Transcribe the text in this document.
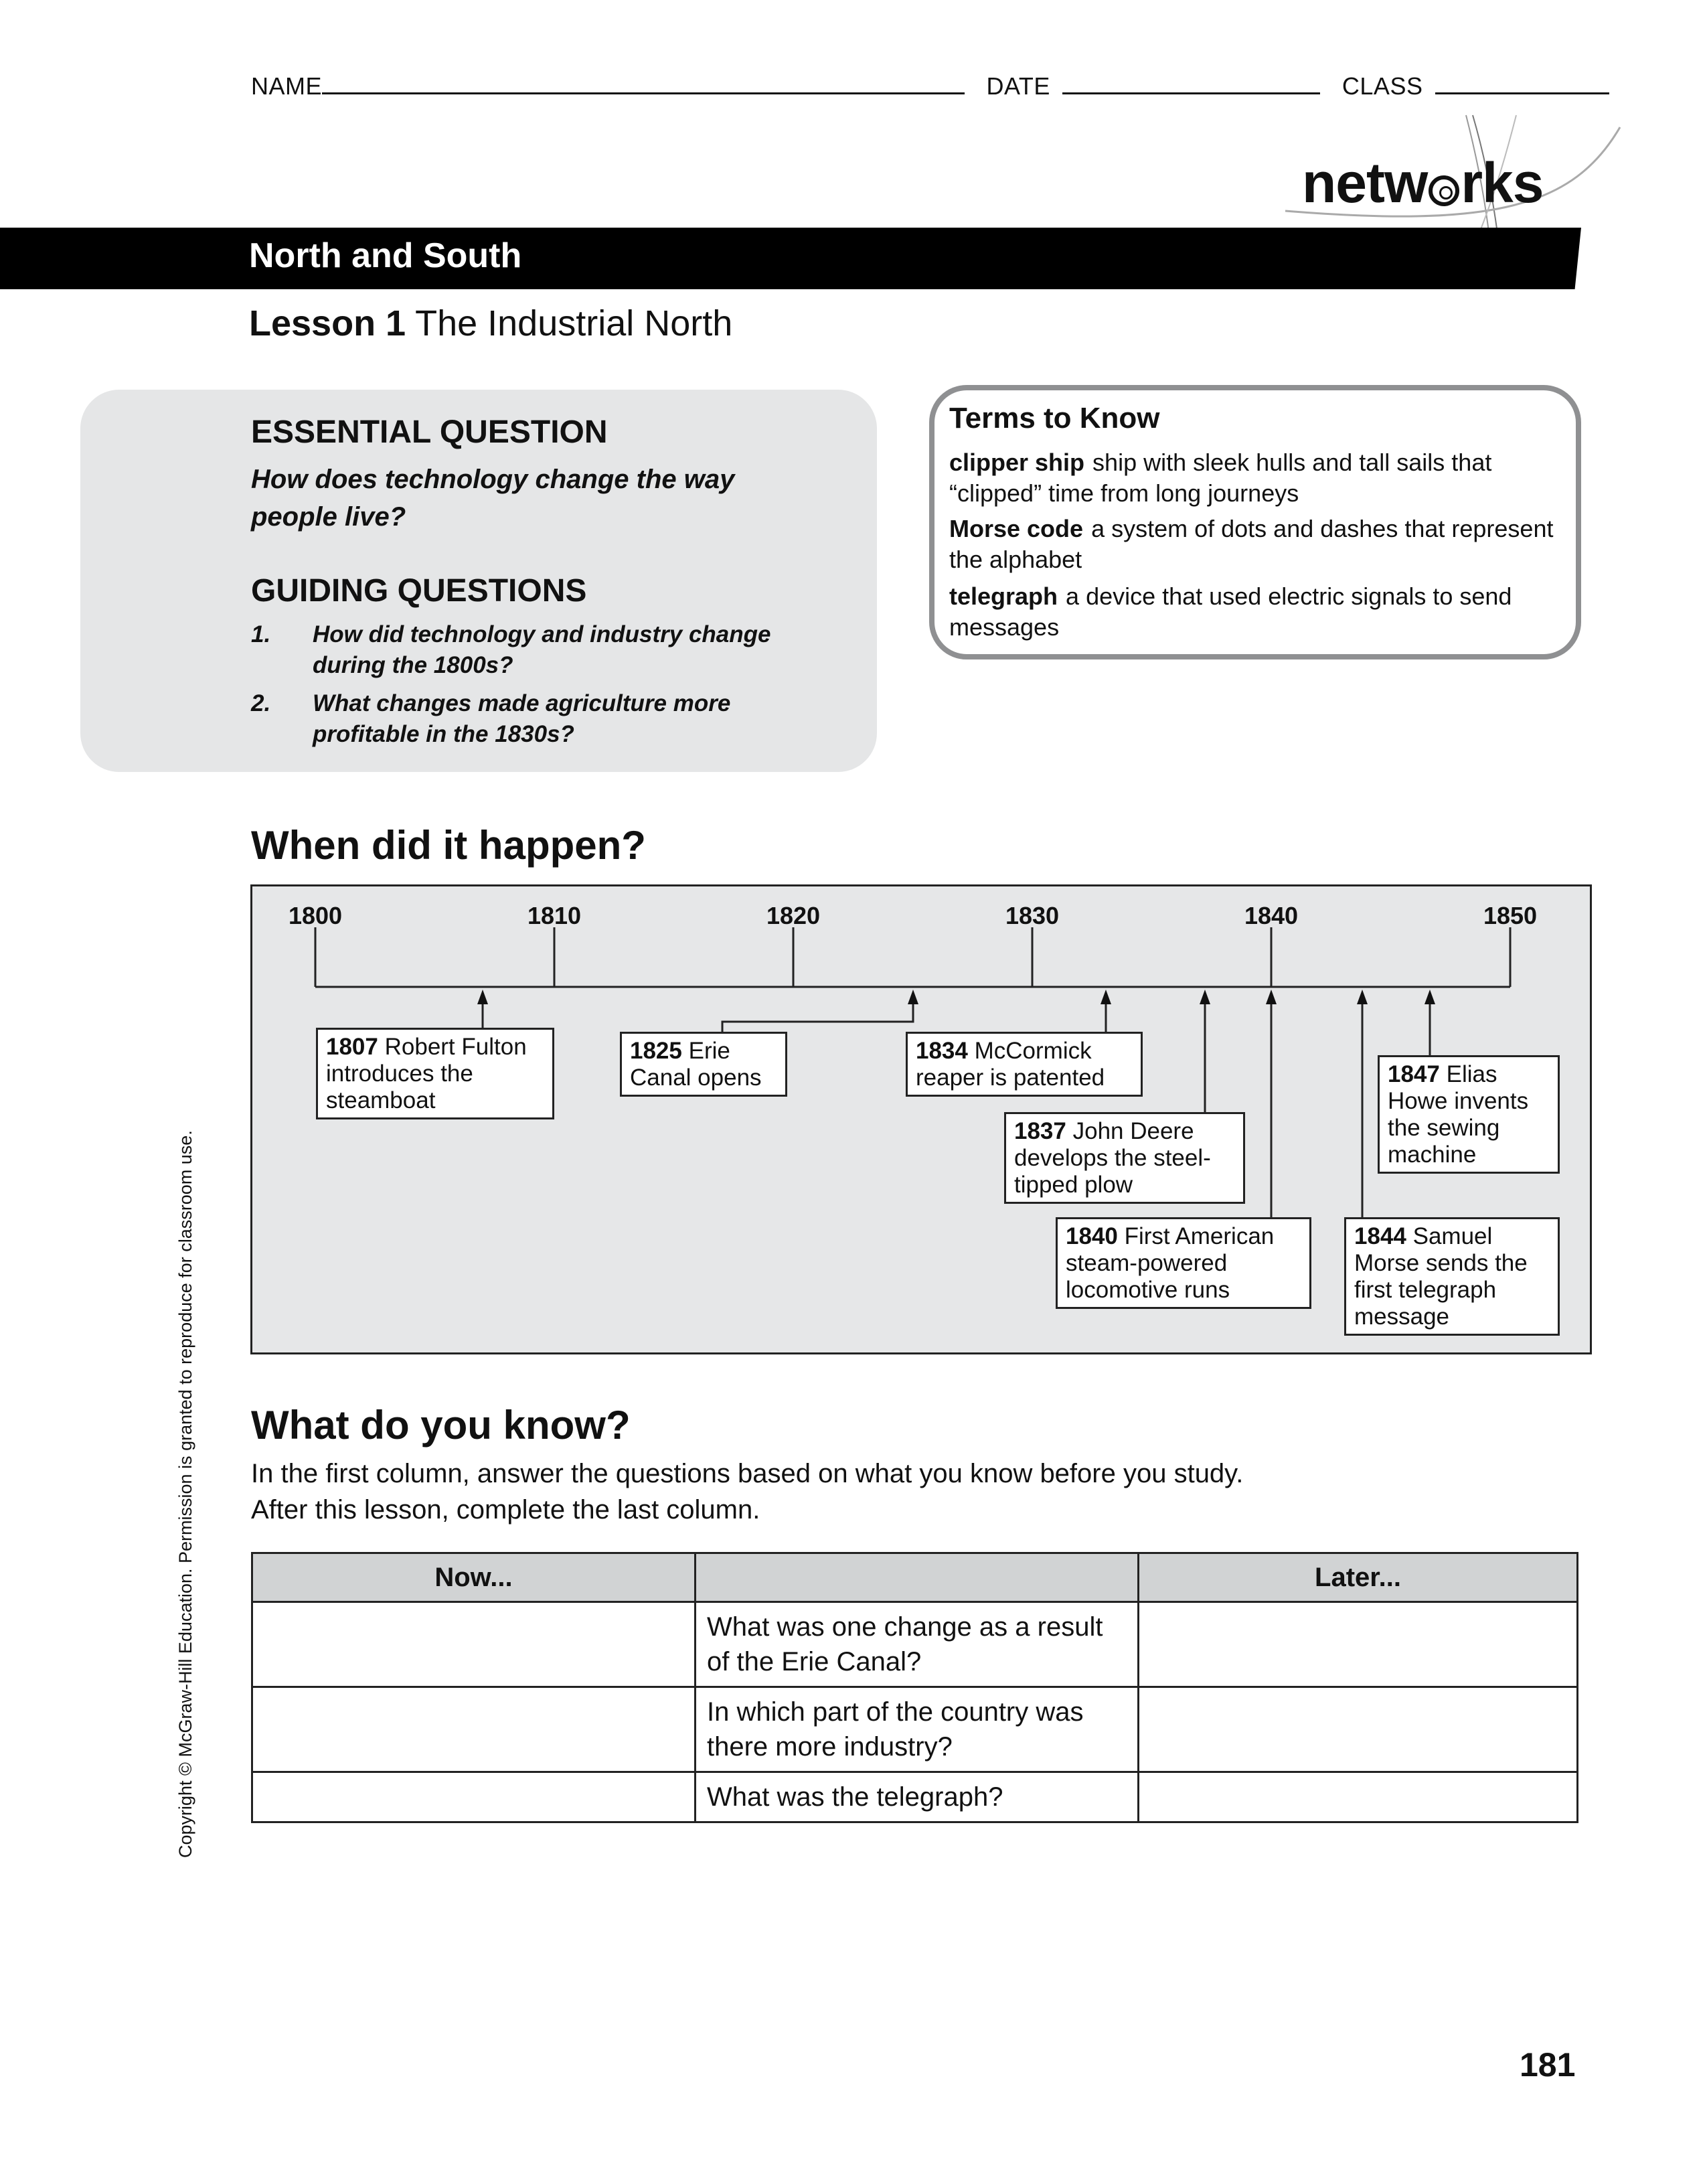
NAME	DATE	CLASS
netw rks
North and South
Lesson 1 The Industrial North
ESSENTIAL QUESTION
How does technology change the way people live?
GUIDING QUESTIONS
1. How did technology and industry change during the 1800s?
2. What changes made agriculture more profitable in the 1830s?
Terms to Know
clipper ship ship with sleek hulls and tall sails that “clipped” time from long journeys
Morse code a system of dots and dashes that represent the alphabet
telegraph a device that used electric signals to send messages
When did it happen?
1800	1810	1820	1830	1840	1850
1807 Robert Fulton introduces the steamboat
1825 Erie Canal opens
1834 McCormick reaper is patented
1837 John Deere develops the steel-tipped plow
1840 First American steam-powered locomotive runs
1844 Samuel Morse sends the first telegraph message
1847 Elias Howe invents the sewing machine
What do you know?
In the first column, answer the questions based on what you know before you study.
After this lesson, complete the last column.
Now...		Later...
	What was one change as a result of the Erie Canal?	
	In which part of the country was there more industry?	
	What was the telegraph?	
Copyright © McGraw-Hill Education. Permission is granted to reproduce for classroom use.
181
